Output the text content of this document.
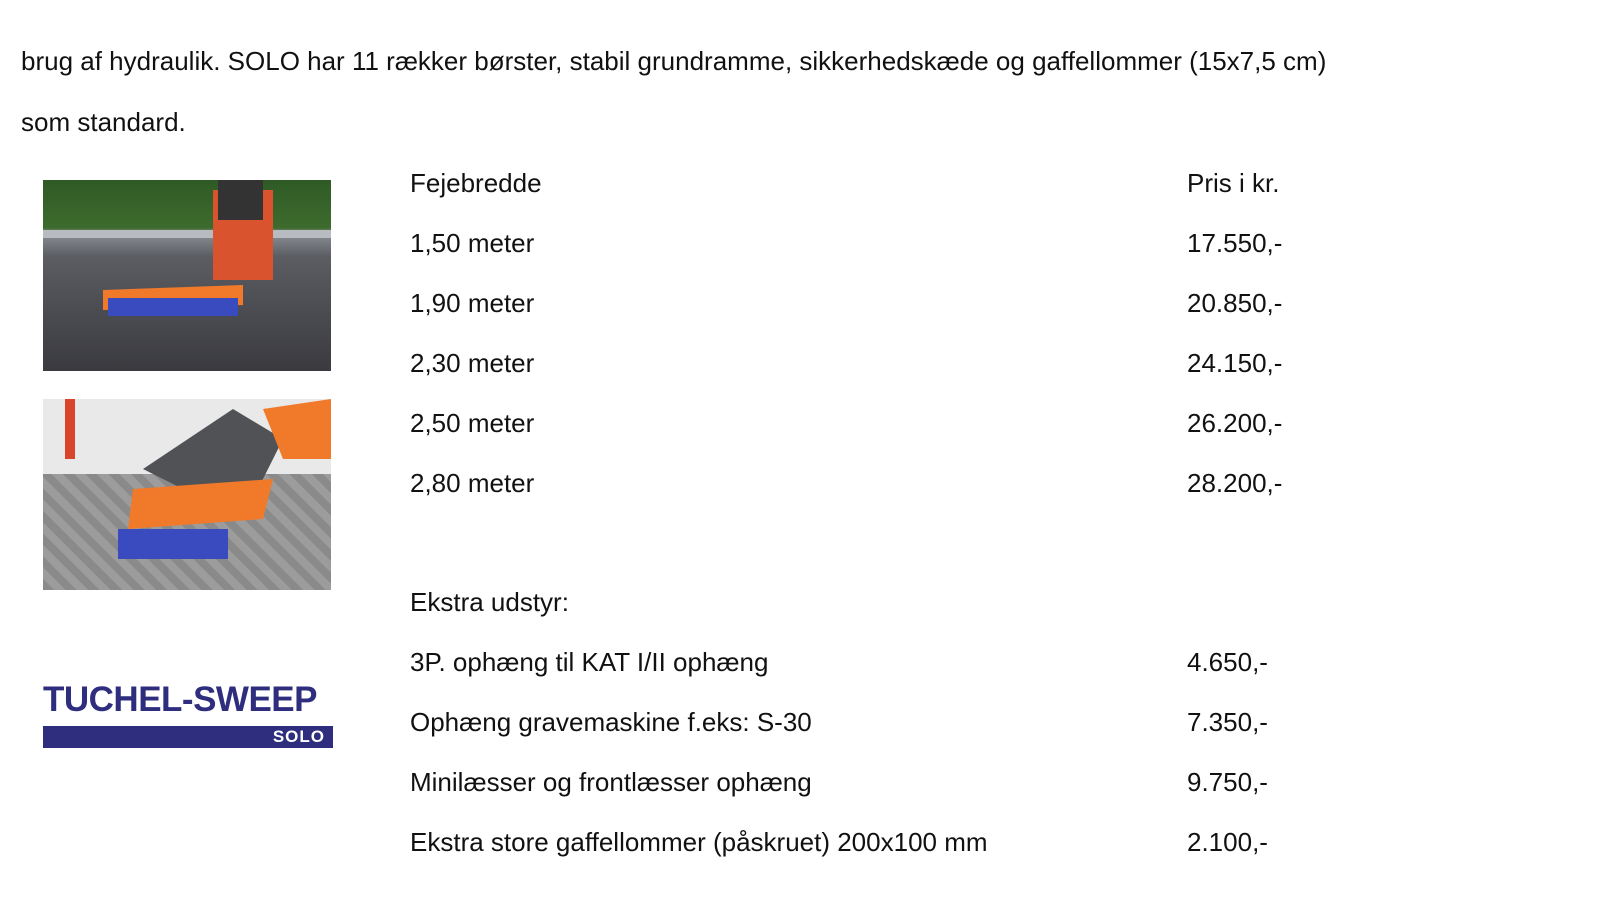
brug af hydraulik. SOLO har 11 rækker børster, stabil grundramme, sikkerhedskæde og gaffellommer (15x7,5 cm)
som standard.
TUCHEL-SWEEP
SOLO
Fejebredde	Pris i kr.
1,50 meter	17.550,-
1,90 meter	20.850,-
2,30 meter	24.150,-
2,50 meter	26.200,-
2,80 meter	28.200,-
Ekstra udstyr:
3P. ophæng til KAT I/II ophæng	4.650,-
Ophæng gravemaskine f.eks: S-30	7.350,-
Minilæsser og frontlæsser ophæng	9.750,-
Ekstra store gaffellommer (påskruet) 200x100 mm	2.100,-
